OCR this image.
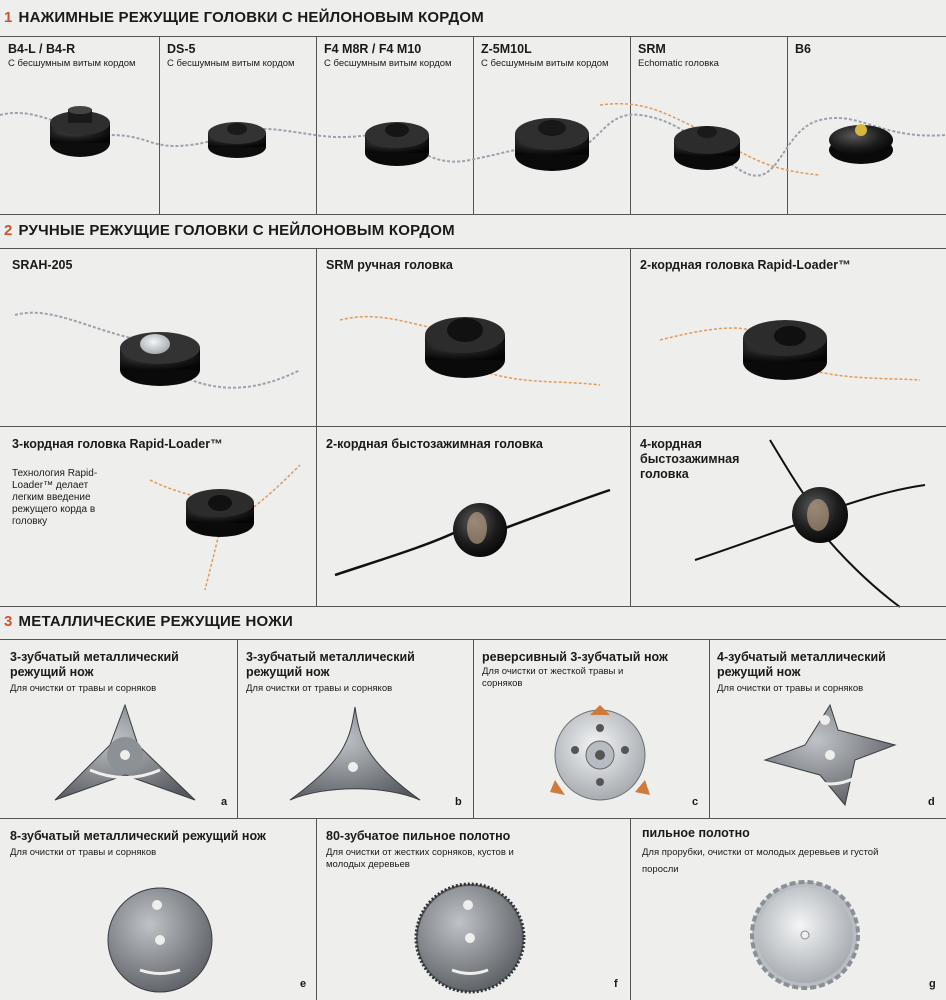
1 НАЖИМНЫЕ РЕЖУЩИЕ ГОЛОВКИ С НЕЙЛОНОВЫМ КОРДОМ
B4-L / B4-R
С бесшумным витым кордом
DS-5
С бесшумным витым кордом
F4 M8R / F4 M10
С бесшумным витым кордом
Z-5M10L
С бесшумным витым кордом
SRM
Echomatic головка
B6
2 РУЧНЫЕ РЕЖУЩИЕ ГОЛОВКИ С НЕЙЛОНОВЫМ КОРДОМ
SRAH-205	SRM ручная головка	2-кордная головка Rapid-Loader™
3-кордная головка Rapid-Loader™
Технология Rapid-Loader™ делает легким введение режущего корда в головку
2-кордная быстозажимная головка	4-кордная быстозажимная головка
3 МЕТАЛЛИЧЕСКИЕ РЕЖУЩИЕ НОЖИ
3-зубчатый металлический режущий нож
Для очистки от травы и сорняков
a
3-зубчатый металлический режущий нож
Для очистки от травы и сорняков
b
реверсивный 3-зубчатый нож
Для очистки от жесткой травы и сорняков
c
4-зубчатый металлический режущий нож
Для очистки от травы и сорняков
d
8-зубчатый металлический режущий нож
Для очистки от травы и сорняков
e
80-зубчатое пильное полотно
Для очистки от жестких сорняков, кустов и молодых деревьев
f
пильное полотно
Для прорубки, очистки от молодых деревьев и густой поросли
g
